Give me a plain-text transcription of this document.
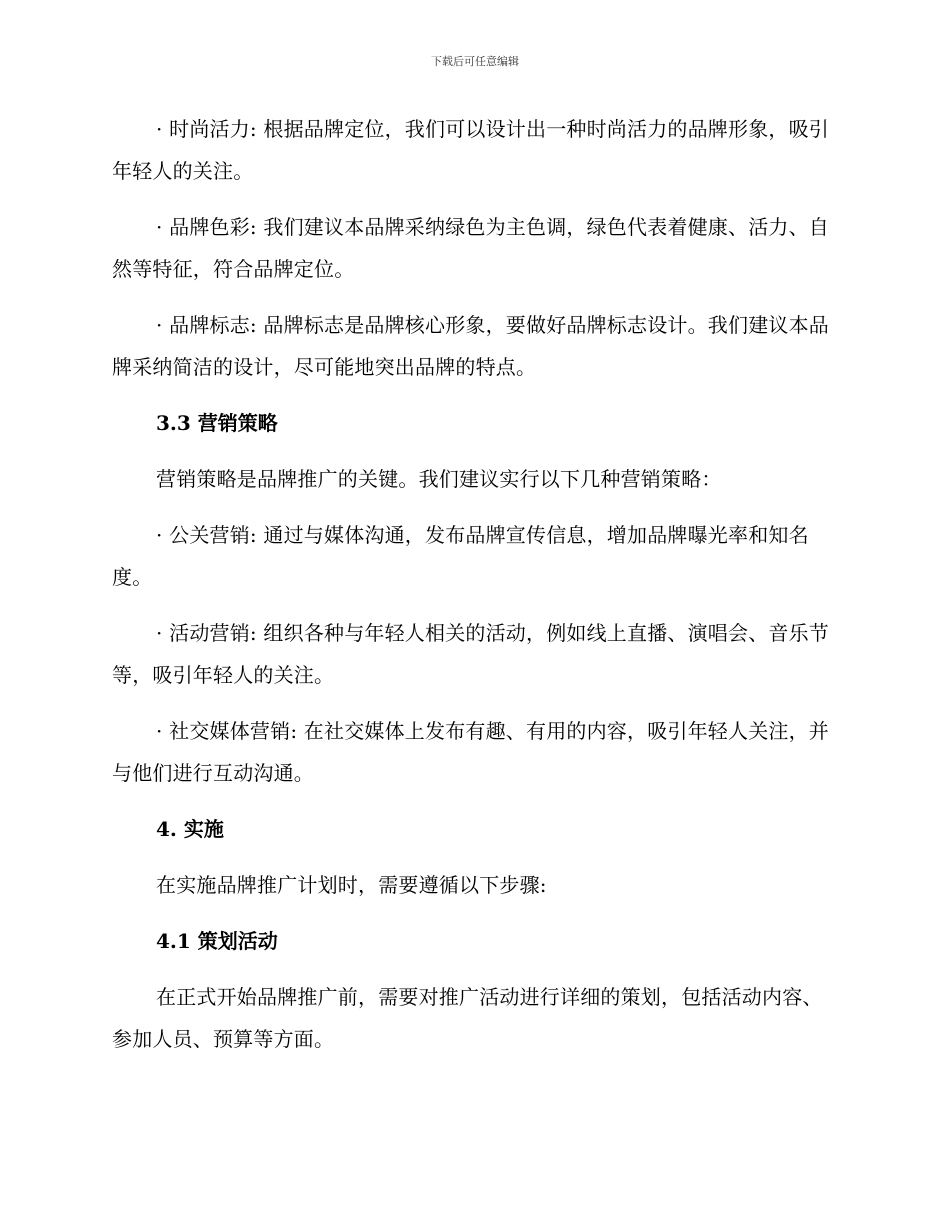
下载后可任意编辑

· 时尚活力: 根据品牌定位，我们可以设计出一种时尚活力的品牌形象，吸引年轻人的关注。

· 品牌色彩: 我们建议本品牌采纳绿色为主色调，绿色代表着健康、活力、自然等特征，符合品牌定位。

· 品牌标志: 品牌标志是品牌核心形象，要做好品牌标志设计。我们建议本品牌采纳简洁的设计，尽可能地突出品牌的特点。

3.3 营销策略

营销策略是品牌推广的关键。我们建议实行以下几种营销策略：

· 公关营销: 通过与媒体沟通，发布品牌宣传信息，增加品牌曝光率和知名度。

· 活动营销: 组织各种与年轻人相关的活动，例如线上直播、演唱会、音乐节等，吸引年轻人的关注。

· 社交媒体营销: 在社交媒体上发布有趣、有用的内容，吸引年轻人关注，并与他们进行互动沟通。

4. 实施

在实施品牌推广计划时，需要遵循以下步骤:

4.1 策划活动

在正式开始品牌推广前，需要对推广活动进行详细的策划，包括活动内容、参加人员、预算等方面。
